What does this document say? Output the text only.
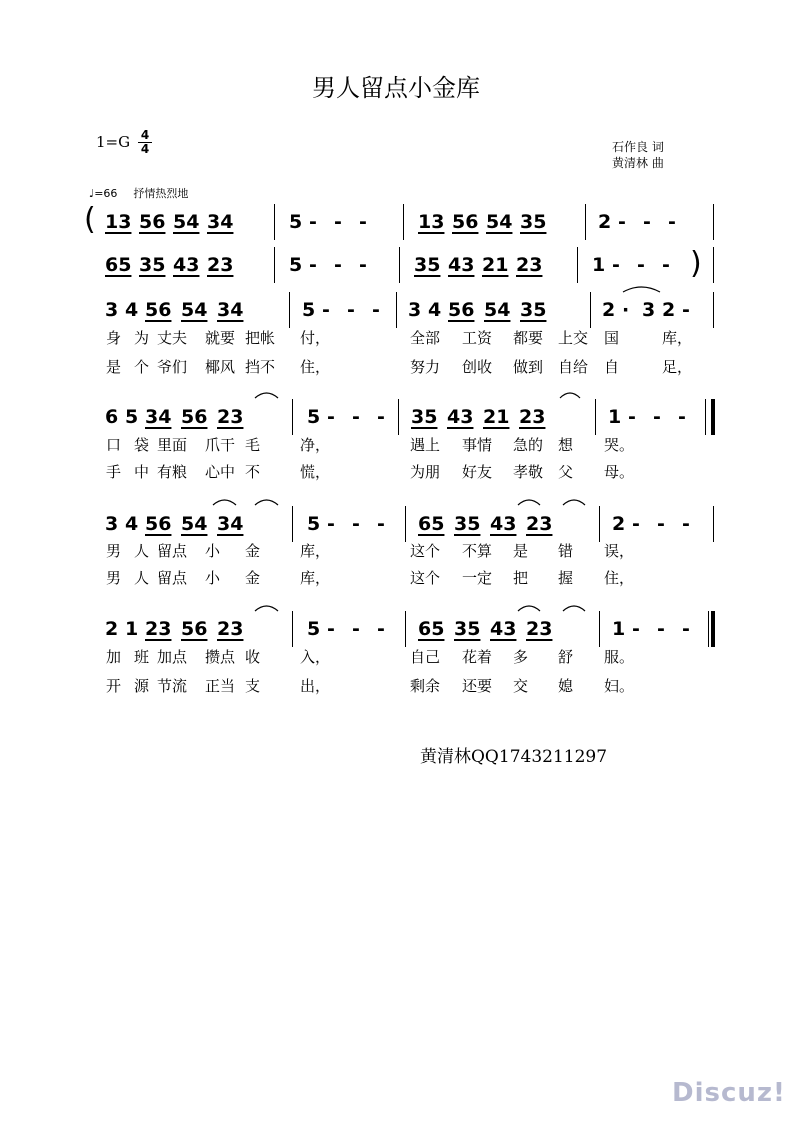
男人留点小金库
1=G 4
4	石作良 词
黄清林 曲
♩=66 抒情热烈地
13 56 54 34	5 - - -	13 56 54 35	2 - - -
65 35 43 23	5 - - - 35 43 21 23	1 - - -
3 4 56 54 34	5 - - - 3 4 56 54 35	2 · 3 2 -
身 为 丈夫 就要 把帐 付，	全部 工资 都要 上交 国	库，
是 个 爷们 椰风 挡不 住，	努力 创收 做到 自给 自	足，
6 5 34 56 23	5 - - - 35 43 21 23	1 - - -
口 袋 里面 爪干 毛	净，	遇上 事情 急的 想 哭。
手 中 有粮 心中 不	慌，	为朋 好友 孝敬 父 母。
3 4 56 54 34	5 - - - 65 35 43 23	2 - - -
男 人 留点 小 金	库，	这个 不算 是 错 误，
男 人 留点 小 金	库，	这个 一定 把 握 住，
2 1 23 56 23	5 - - - 65 35 43 23	1 - - -
加 班 加点 攒点 收	入，	自己 花着 多 舒 服。
开 源 节流 正当 支	出，	剩余 还要 交 媳 妇。
(
)
黄清林QQ1743211297
Discuz!
